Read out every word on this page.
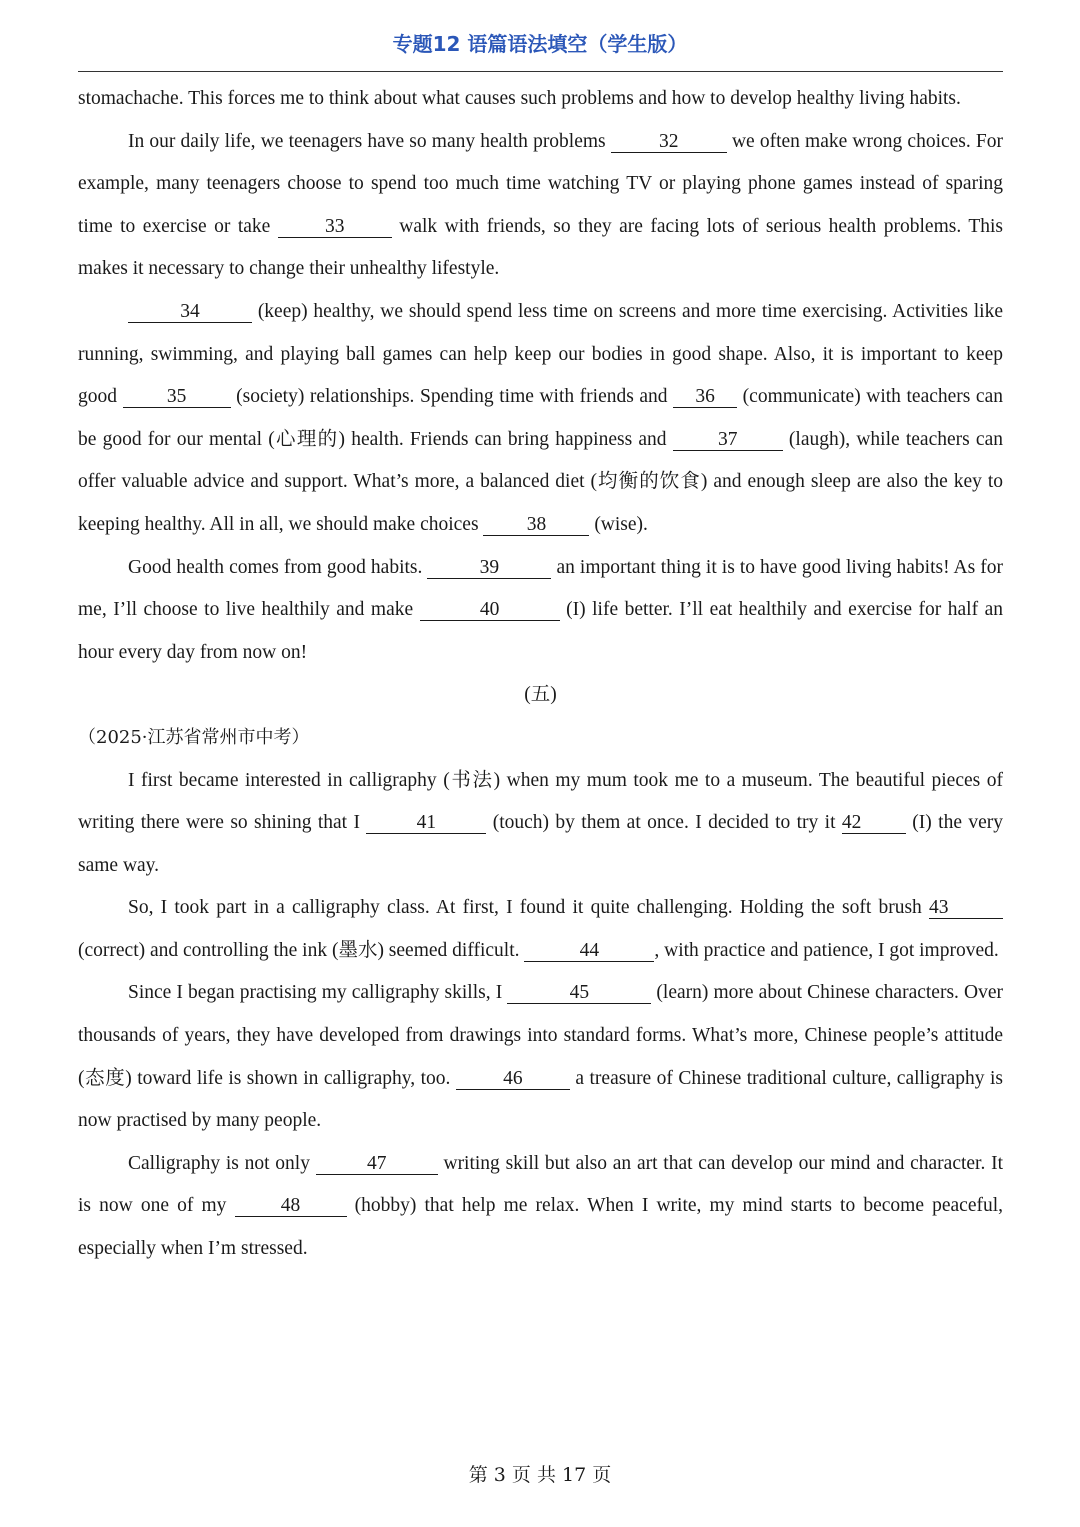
专题12 语篇语法填空（学生版）

stomachache. This forces me to think about what causes such problems and how to develop healthy living habits.

In our daily life, we teenagers have so many health problems 32 we often make wrong choices. For example, many teenagers choose to spend too much time watching TV or playing phone games instead of sparing time to exercise or take 33 walk with friends, so they are facing lots of serious health problems. This makes it necessary to change their unhealthy lifestyle.

34	(keep) healthy, we should spend less time on screens and more time exercising. Activities like running, swimming, and playing ball games can help keep our bodies in good shape. Also, it is important to keep good 35 (society) relationships. Spending time with friends and 36 (communicate) with teachers can be good for our mental (心理的) health. Friends can bring happiness and 37 (laugh), while teachers can offer valuable advice and support. What’s more, a balanced diet (均衡的饮食) and enough sleep are also the key to keeping healthy. All in all, we should make choices 38 (wise).

Good health comes from good habits.	39	an important thing it is to have good living habits! As for me, I’ll choose to live healthily and make	40	(I) life better. I’ll eat healthily and exercise for half an hour every day from now on!

(五)

（2025·江苏省常州市中考）

I first became interested in calligraphy (书法) when my mum took me to a museum. The beautiful pieces of writing there were so shining that I	41	(touch) by them at once. I decided to try it 42 (I) the very same way.

So, I took part in a calligraphy class. At first, I found it quite challenging. Holding the soft brush 43 (correct) and controlling the ink (墨水) seemed difficult.	44	, with practice and patience, I got improved.

Since I began practising my calligraphy skills, I	45	(learn) more about Chinese characters. Over thousands of years, they have developed from drawings into standard forms. What’s more, Chinese people’s attitude (态度) toward life is shown in calligraphy, too. 46 a treasure of Chinese traditional culture, calligraphy is now practised by many people.

Calligraphy is not only	47	writing skill but also an art that can develop our mind and character. It is now one of my 48 (hobby) that help me relax. When I write, my mind starts to become peaceful, especially when I’m stressed.

第 3 页 共 17 页
